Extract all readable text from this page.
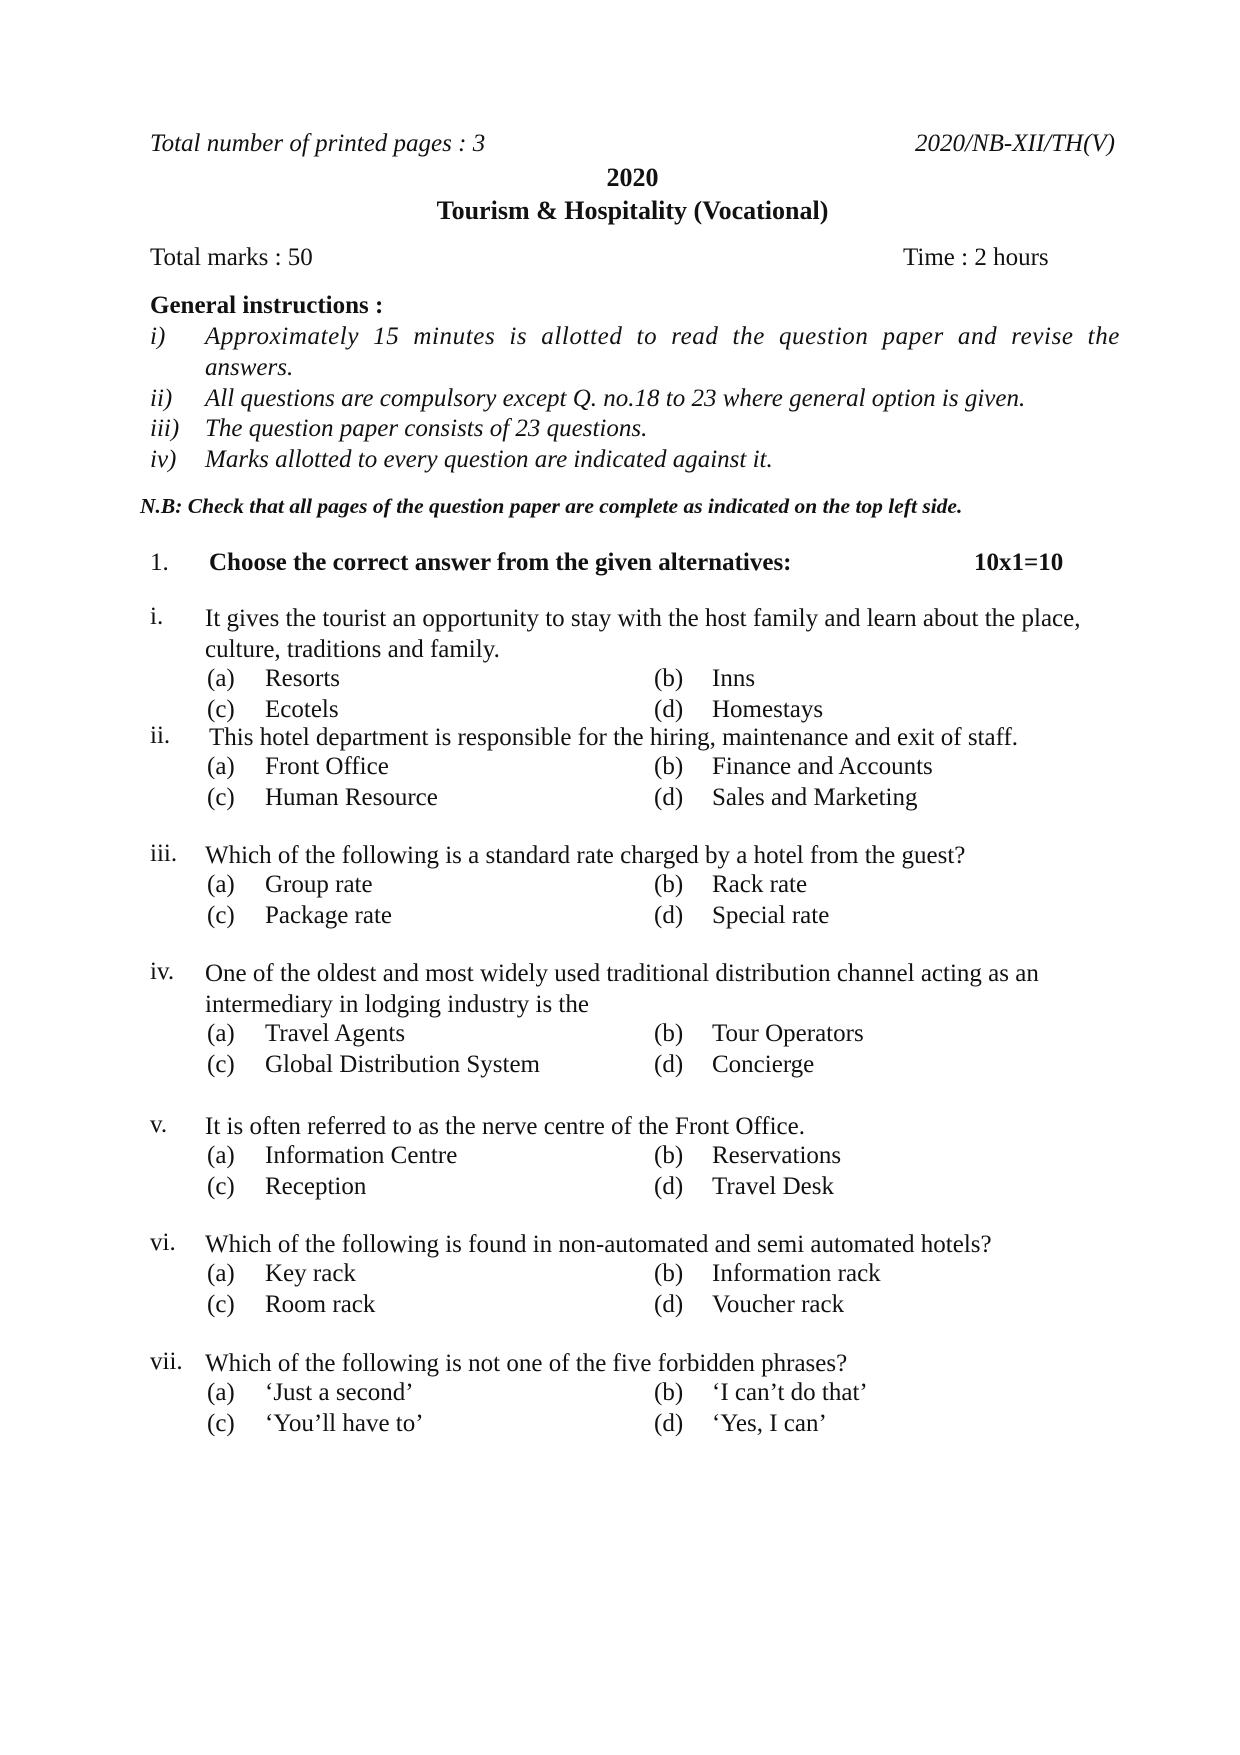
Total number of printed pages : 3	2020/NB-XII/TH(V)
2020
Tourism & Hospitality (Vocational)
Total marks : 50	Time : 2 hours
General instructions :
i) Approximately 15 minutes is allotted to read the question paper and revise the
answers.
ii) All questions are compulsory except Q. no.18 to 23 where general option is given.
iii) The question paper consists of 23 questions.
iv) Marks allotted to every question are indicated against it.
N.B: Check that all pages of the question paper are complete as indicated on the top left side.
1. Choose the correct answer from the given alternatives:	10x1=10
i. It gives the tourist an opportunity to stay with the host family and learn about the place, culture, traditions and family.
(a) Resorts	(b) Inns
(c) Ecotels	(d) Homestays
ii. This hotel department is responsible for the hiring, maintenance and exit of staff.
(a) Front Office	(b) Finance and Accounts
(c) Human Resource	(d) Sales and Marketing
iii. Which of the following is a standard rate charged by a hotel from the guest?
(a) Group rate	(b) Rack rate
(c) Package rate	(d) Special rate
iv. One of the oldest and most widely used traditional distribution channel acting as an intermediary in lodging industry is the
(a) Travel Agents	(b) Tour Operators
(c) Global Distribution System	(d) Concierge
v. It is often referred to as the nerve centre of the Front Office.
(a) Information Centre	(b) Reservations
(c) Reception	(d) Travel Desk
vi. Which of the following is found in non-automated and semi automated hotels?
(a) Key rack	(b) Information rack
(c) Room rack	(d) Voucher rack
vii. Which of the following is not one of the five forbidden phrases?
(a) ‘Just a second’	(b) ‘I can’t do that’
(c) ‘You’ll have to’	(d) ‘Yes, I can’
